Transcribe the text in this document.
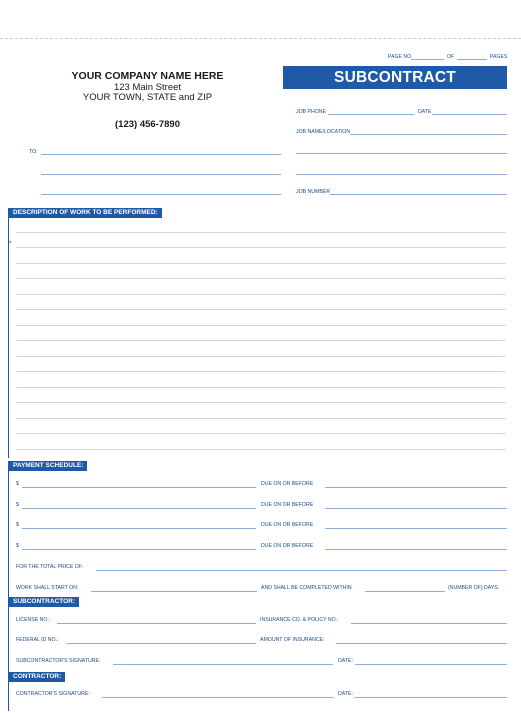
PAGE NO.	OF	PAGES
YOUR COMPANY NAME HERE
123 Main Street
YOUR TOWN, STATE and ZIP
(123) 456-7890
SUBCONTRACT AGREEMENT
JOB PHONE	DATE
JOB NAME/LOCATION
JOB NUMBER
TO:
DESCRIPTION OF WORK TO BE PERFORMED:
>
PAYMENT SCHEDULE:
$	DUE ON OR BEFORE
$	DUE ON OR BEFORE
$	DUE ON OR BEFORE
$	DUE ON OR BEFORE
FOR THE TOTAL PRICE OF:
WORK SHALL START ON:	AND SHALL BE COMPLETED WITHIN	(NUMBER OF) DAYS.
SUBCONTRACTOR:
LICENSE NO.:	INSURANCE CO. & POLICY NO.:
FEDERAL ID NO.:	AMOUNT OF INSURANCE:
SUBCONTRACTOR'S SIGNATURE:	DATE:
CONTRACTOR:
CONTRACTOR'S SIGNATURE:	DATE:
